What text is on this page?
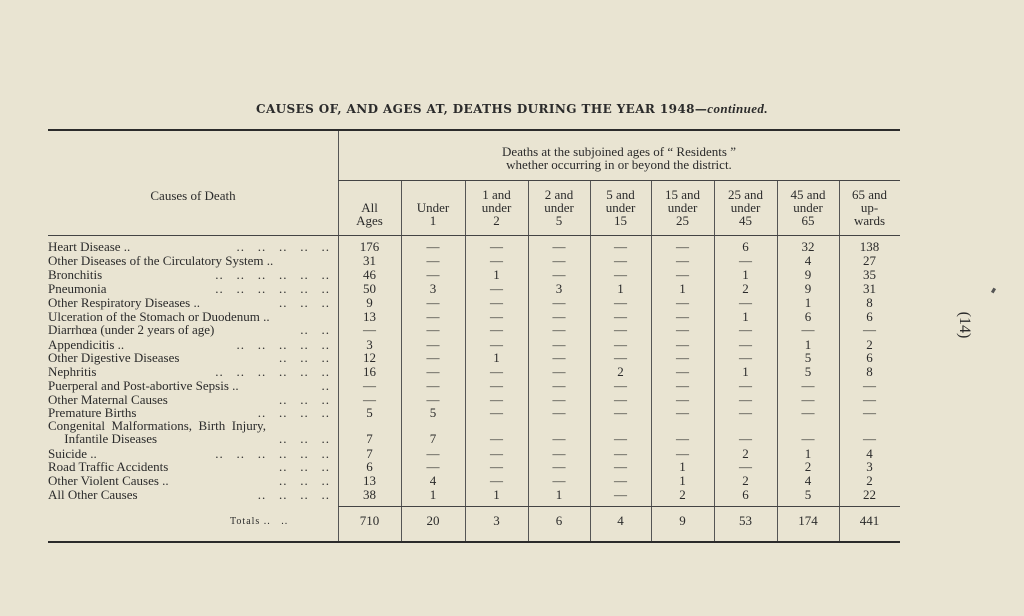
CAUSES OF, AND AGES AT, DEATHS DURING THE YEAR 1948—continued.
Causes of Death
Deaths at the subjoined ages of “ Residents ”
whether occurring in or beyond the district.
All
Ages
Under
1
1 and
under
2
2 and
under
5
5 and
under
15
15 and
under
25
25 and
under
45
45 and
under
65
65 and
up-
wards
Heart Disease ..	..   ..   ..   ..   ..	176	—	—	—	—	—	6	32	138
Other Diseases of the Circulatory System ..	31	—	—	—	—	—	—	4	27
Bronchitis	..   ..   ..   ..   ..   ..	46	—	1	—	—	—	1	9	35
Pneumonia	..   ..   ..   ..   ..   ..	50	3	—	3	1	1	2	9	31
Other Respiratory Diseases ..	..   ..   ..	9	—	—	—	—	—	—	1	8
Ulceration of the Stomach or Duodenum ..	13	—	—	—	—	—	1	6	6
Diarrhœa (under 2 years of age)	..   ..	—	—	—	—	—	—	—	—	—
Appendicitis ..	..   ..   ..   ..   ..	3	—	—	—	—	—	—	1	2
Other Digestive Diseases	..   ..   ..	12	—	1	—	—	—	—	5	6
Nephritis	..   ..   ..   ..   ..   ..	16	—	—	—	2	—	1	5	8
Puerperal and Post-abortive Sepsis ..	..	—	—	—	—	—	—	—	—	—
Other Maternal Causes	..   ..   ..	—	—	—	—	—	—	—	—	—
Premature Births	..   ..   ..   ..	5	5	—	—	—	—	—	—	—
Congenital  Malformations,  Birth  Injury,
Infantile Diseases	..   ..   ..	7	7	—	—	—	—	—	—	—
Suicide ..	..   ..   ..   ..   ..   ..	7	—	—	—	—	—	2	1	4
Road Traffic Accidents	..   ..   ..	6	—	—	—	—	1	—	2	3
Other Violent Causes ..	..   ..   ..	13	4	—	—	—	1	2	4	2
All Other Causes	..   ..   ..   ..	38	1	1	1	—	2	6	5	22
Totals .. ..	710	20	3	6	4	9	53	174	441
(14)
